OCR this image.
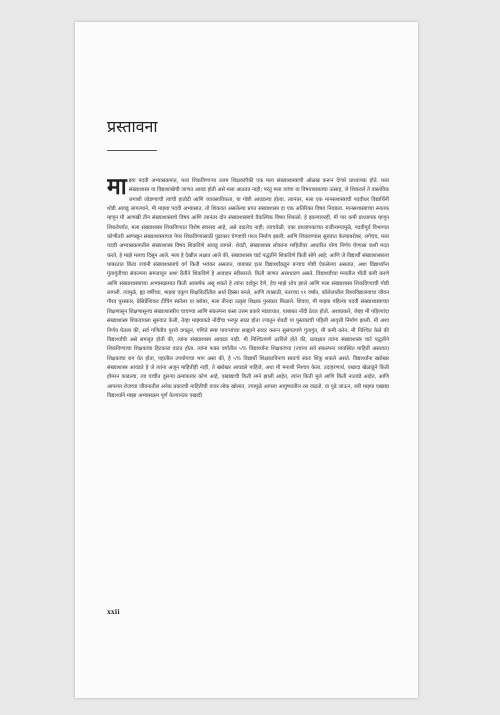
प्रस्तावना

माझ्या पदवी अभ्यासक्रमात, मला शिकविणाऱ्या उत्तम शिक्षकांपैकी एक मला संख्याशास्त्राची ओळख करून देणारे प्राध्यापक होते. मला संख्याशास्त्र या विद्याशाखेची जाणत आवड होती असे मला आठवत नाही; परंतु मला त्यांचा या विषयाबाबतचा उत्साह, जे शिकवले ते वास्तविक जगाशी जोडण्याची त्यांची हातोटी आणि व्यावसायिकता, या गोष्टी आवडल्या होत्या. त्यानंतर, मला एक मानसशास्त्राची पदवीधर विद्यार्थिनी थोडी आवडू लागल्याने, मी माझ्या पदवी अभ्यासात, तो शिकवत असलेल्या प्रगत संख्याशास्त्र हा एक अतिरिक्त विषय निवडला. मानसशास्त्राच्या स्नातक म्हणून मी आणखी तीन संख्याशास्त्राचे विषय आणि त्यानंतर दोन संख्याशास्त्राचे वैकल्पिक विषय शिकलो. हे झाल्यावरही, मी पार कमी प्राध्यापक म्हणून शिकवेपर्यंत, मला संख्याशास्त्र शिकविण्यात विशेष स्वारस्य आहे, असे वाटलेच नाही; त्याचवेळी, एका प्राध्यापकाच्या राजीनाम्यामुळे, पदवीपूर्व विभागात कोणीतरी आणखून संख्याशास्त्राच्या पेपर शिकविण्यासाठी पुढाकार घेण्याची गरज निर्माण झाली; आणि शिकवण्यास सुरुवात केल्याबरोबर, लगेचच, मला पदवी अभ्यासक्रमातील संख्याशास्त्र विषय शिकविणे आवडू लागले. शेवटी, संख्याशास्त्र लोकांना माहितीवर आधारित योग्य निर्णय घेण्यास कशी मदत करते, हे माझे मलाच दिसून आले. मला हे देखील लक्षात आले की, संख्याशास्त्र चार्ट पद्धतीने शिकविणे किती सोपे आहे; आणि जे विद्यार्थी संख्याशास्त्राला घाबरतात किंवा ज्यांनी संख्याशास्त्राचे वर्ग किती भयंकर असतात, याबाबत इतर विद्यार्थ्यांकडून बऱ्याच गोष्टी ऐकलेल्या असतात, अशा विद्यार्थ्यांना गुंतागुंतीच्या संकल्पना समजावून अशा रीतीने शिकविणे हे आवाहन स्वीकारले. किती जाणत असाधारण असते. विद्यार्थ्यांच्या मनातील भीती कमी करणे आणि संख्याशास्त्राच्या अभ्यासक्रमात किती आकर्षक असू शकते हे त्यांना दर्शवून देणे, हेच माझे ध्येय झाले आणि मला संख्याशास्त्र शिकविण्याची गोडी लागली. त्यामुळे, ह्या वर्षीच्या, माझ्या एकूण शिक्षकिर्दीतील अर्धा हिस्सा बनले, आणि त्यासाठी, नंतरच्या ११ वर्षांत, कॉलेजातील विश्वविद्यालयाचा जीवन गौरव पुरस्कार, प्रेसिडेंशियल टीचिंग स्कॉलर या बरोबर, मला तीनदा उत्कृष्ट शिक्षक पुरस्कार मिळाले. शिवाय, मी माझ्या पहिल्या पदवी संख्याशास्त्राच्या शिक्षणासून शिक्षणासूनच संख्याशास्त्रीय चाचण्या आणि संकल्पना कसा उत्तम प्रकारे मांडाव्यात, याबाबत नोंदी ठेवत होतो. अशाप्रकारे, जेव्हा मी पहिल्यांदा संख्याशास्त्र शिकवायला सुरुवात केली, तेव्हा माझ्याकडे नोंदींचा भरपूर साठा होता ज्यातून शेवटी या पुस्तकाची पहिली आवृत्ती निर्माण झाली. मी अशा निर्णय घेतला की, सर्व गणितीय पुरावे वगळून, गणिते स्पष्ट पायऱ्यांच्या साह्याने सादर करून सुसंगतपणे गुंतागुंत, मी कमी करेन. मी निश्चित केले की विद्यार्थ्यांची असे समजूत होती की, त्यांना संख्याशास्त्र आवडत नाही. मी निश्चितपणे ठरविले होते की, प्रत्यक्षात त्यांना संख्याशास्त्र चार्ट पद्धतीने शिकविण्याचा शिक्षकांचा हिटकारा वाटत होता. त्यांना फक्त वर्गातील ५% विद्यार्थ्यांना शिक्षकांच्या (ज्यांना सर्व संकल्पना व्यवस्थित माहिती असतात) शिक्षकाचा राग येत होता, पहातील उपयोगाचा भाग असा की, हे ५% विद्यार्थी शिक्षकाविनाच स्वतःचे स्वतः शिकू शकले असते. विद्यार्थ्यांना खरोखर संख्याशास्त्र आवडते हे जे त्यांना अजून माहितीही नाही, ते खरोखर आवडले पाहिजे, अथा मी मनाशी निश्चय केला. उदाहरणार्थ, एखादा खेळाडूने किती होमरन काढल्या, त्या याचीत दुसऱ्या क्रमांकावर कोण आहे, एखाद्याची किती लग्ने झाली आहेत, त्यांना किती मुले आणि किती नातवंडे आहेत, आणि आपल्या रोजच्या जीवनातील अनेक प्रकारची माहितीची यावर लोक खोलात, ज्यामुळे आपला आयुष्यातील रस वाढतो. या पुढे जाऊन, जरी माझ्या एखाद्या विद्यार्थ्याने माझा अभ्यासक्रम पूर्ण केल्यानंतर एखादी

xxii
